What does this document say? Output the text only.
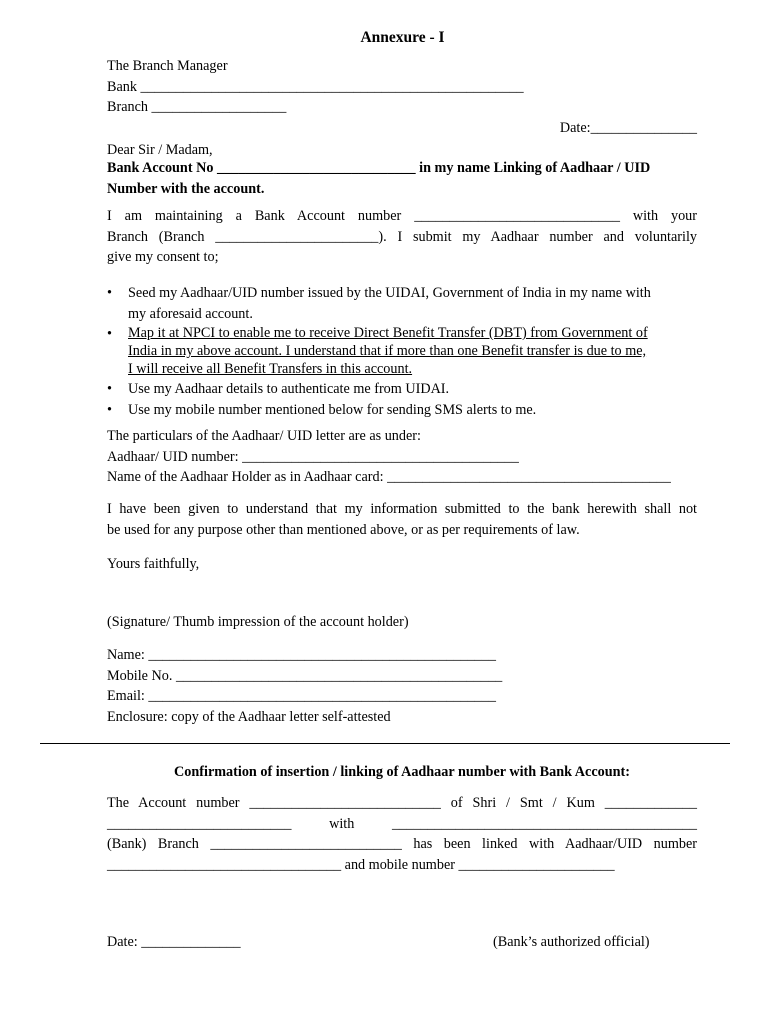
Annexure - I
The Branch Manager
Bank ______________________________________________________
Branch ___________________
Date:_______________
Dear Sir / Madam,
Bank Account No ____________________________ in my name Linking of Aadhaar / UID
Number with the account.
I am maintaining a Bank Account number _____________________________ with your
Branch (Branch _______________________). I submit my Aadhaar number and voluntarily
give my consent to;
•	Seed my Aadhaar/UID number issued by the UIDAI, Government of India in my name with
my aforesaid account.
•	Map it at NPCI to enable me to receive Direct Benefit Transfer (DBT) from Government of
India in my above account. I understand that if more than one Benefit transfer is due to me,
I will receive all Benefit Transfers in this account.
•	Use my Aadhaar details to authenticate me from UIDAI.
•	Use my mobile number mentioned below for sending SMS alerts to me.
The particulars of the Aadhaar/ UID letter are as under:
Aadhaar/ UID number: _______________________________________
Name of the Aadhaar Holder as in Aadhaar card: ________________________________________
I have been given to understand that my information submitted to the bank herewith shall not
be used for any purpose other than mentioned above, or as per requirements of law.
Yours faithfully,
(Signature/ Thumb impression of the account holder)
Name: _________________________________________________
Mobile No. ______________________________________________
Email: _________________________________________________
Enclosure: copy of the Aadhaar letter self-attested
Confirmation of insertion / linking of Aadhaar number with Bank Account:
The Account number ___________________________ of Shri / Smt / Kum _____________
__________________________ with ___________________________________________
(Bank) Branch ___________________________ has been linked with Aadhaar/UID number
_________________________________ and mobile number ______________________
Date: ______________	(Bank’s authorized official)
